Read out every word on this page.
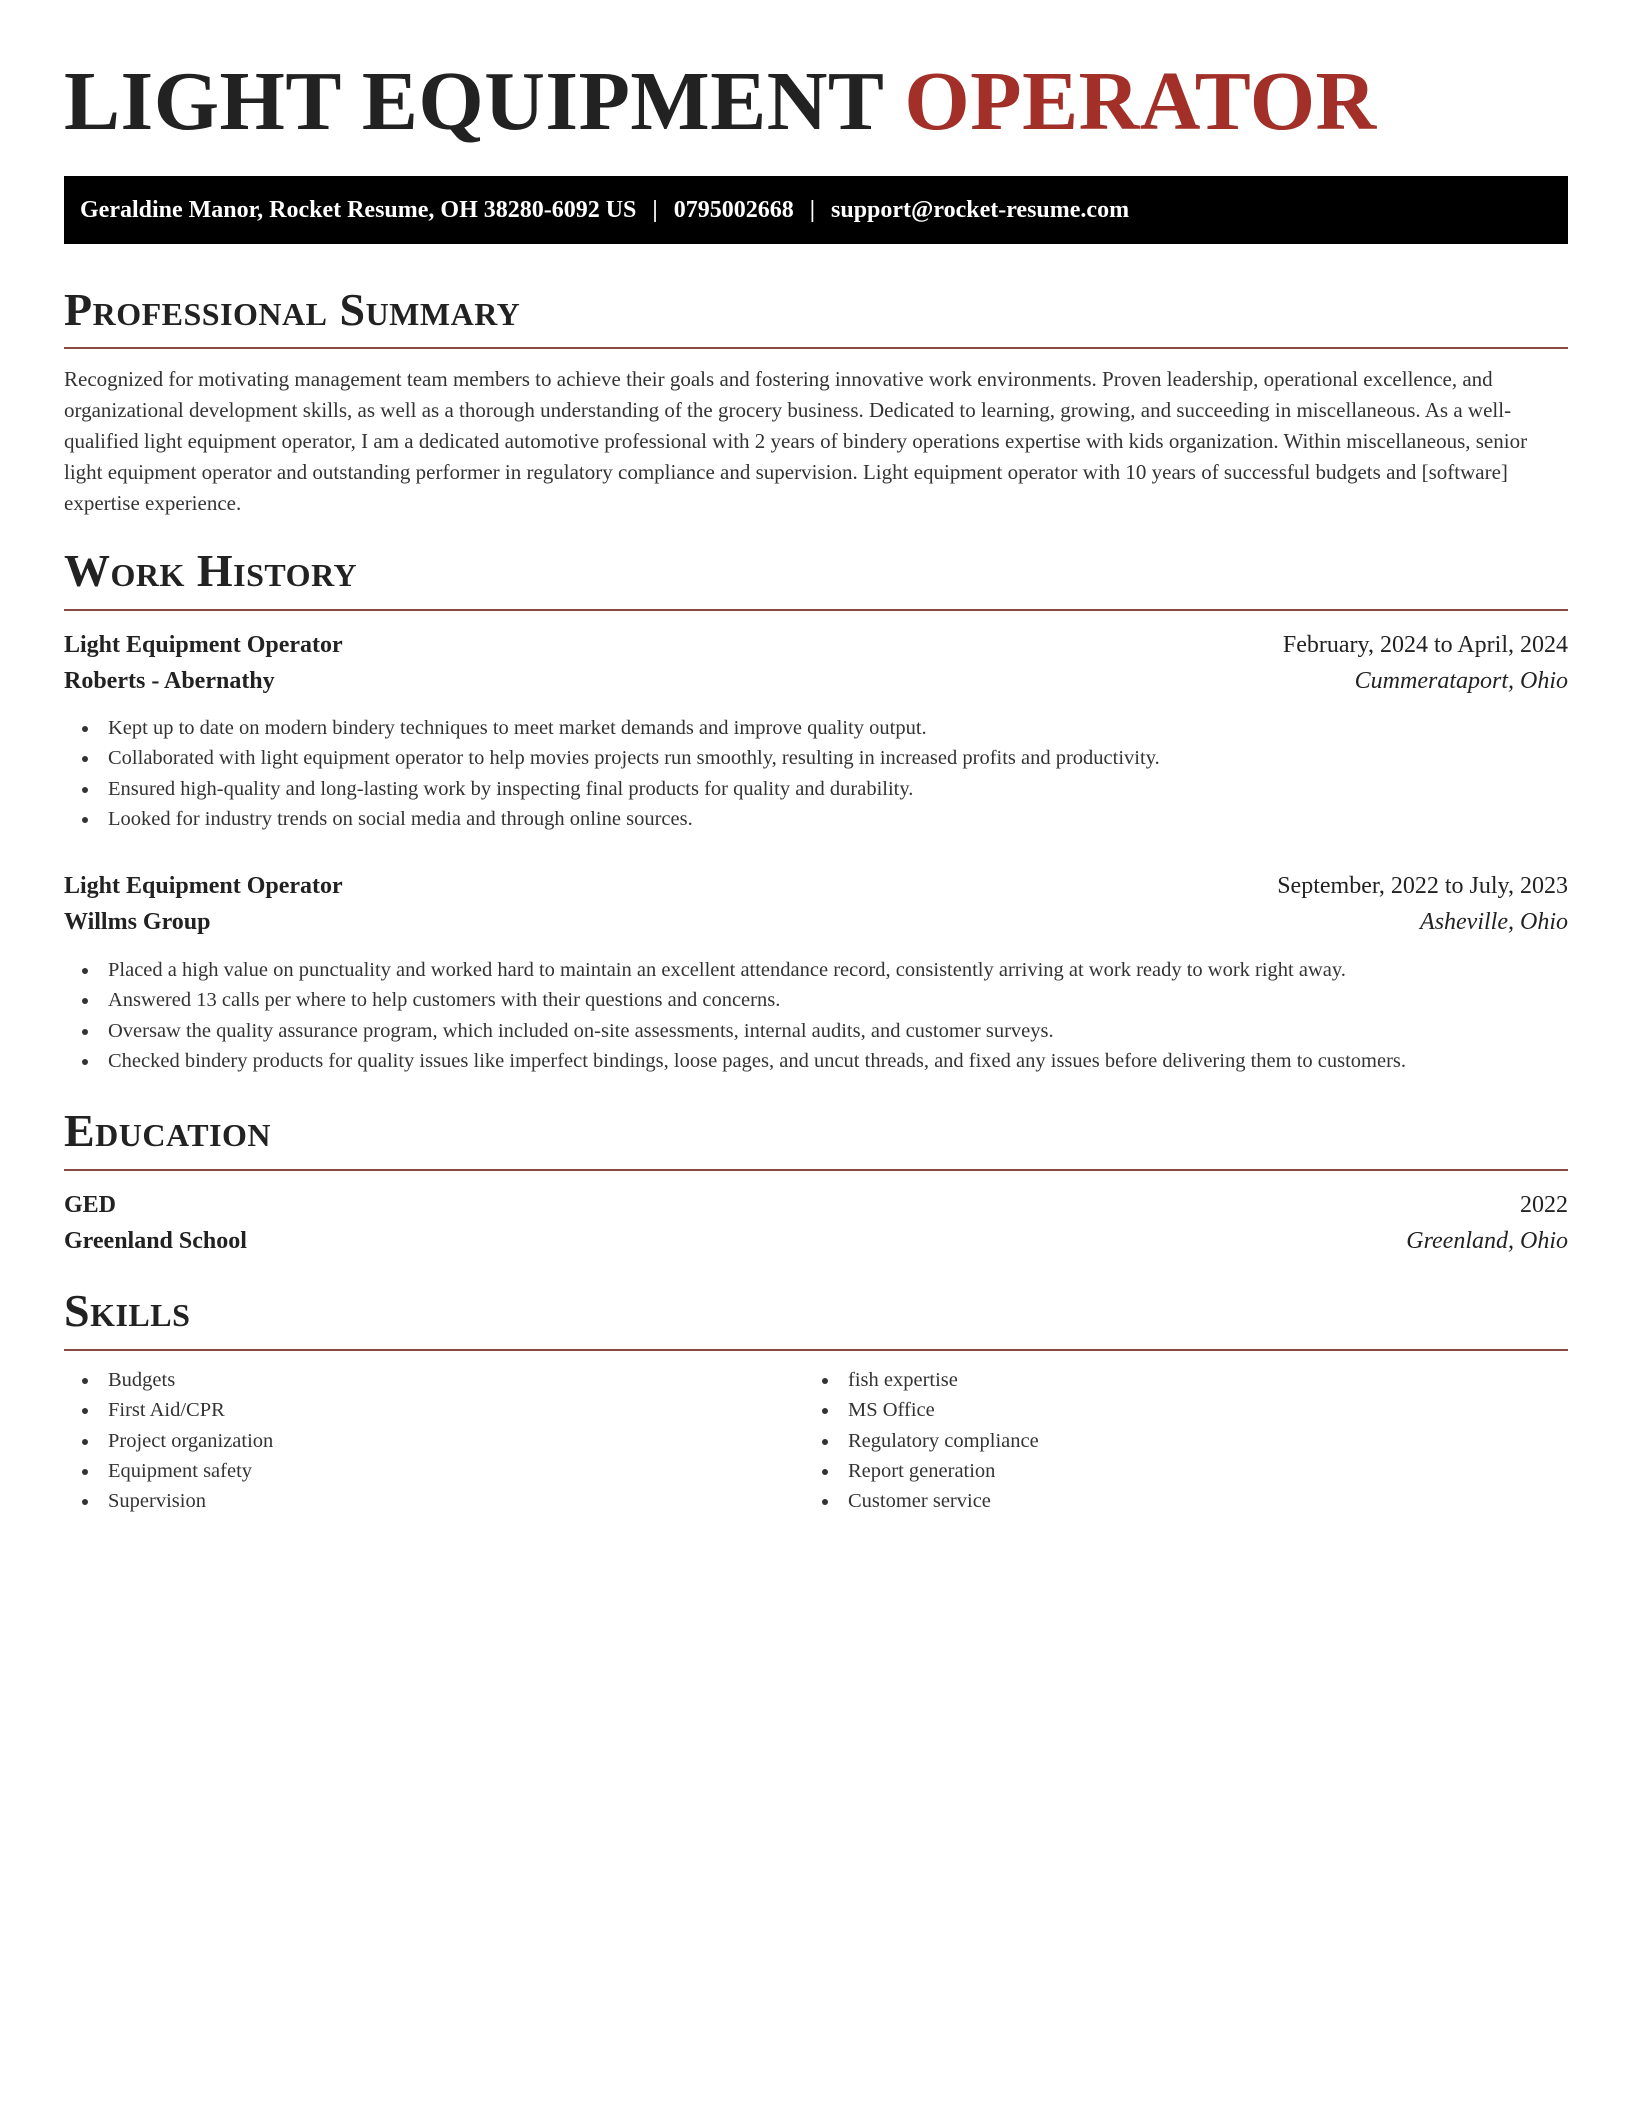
LIGHT EQUIPMENT OPERATOR
Geraldine Manor, Rocket Resume, OH 38280-6092 US | 0795002668 | support@rocket-resume.com
Professional Summary

Recognized for motivating management team members to achieve their goals and fostering innovative work environments. Proven leadership, operational excellence, and organizational development skills, as well as a thorough understanding of the grocery business. Dedicated to learning, growing, and succeeding in miscellaneous. As a well-qualified light equipment operator, I am a dedicated automotive professional with 2 years of bindery operations expertise with kids organization. Within miscellaneous, senior light equipment operator and outstanding performer in regulatory compliance and supervision. Light equipment operator with 10 years of successful budgets and [software] expertise experience.

Work History
Light Equipment Operator	February, 2024 to April, 2024
Roberts - Abernathy	Cummerataport, Ohio
Kept up to date on modern bindery techniques to meet market demands and improve quality output.
Collaborated with light equipment operator to help movies projects run smoothly, resulting in increased profits and productivity.
Ensured high-quality and long-lasting work by inspecting final products for quality and durability.
Looked for industry trends on social media and through online sources.
Light Equipment Operator	September, 2022 to July, 2023
Willms Group	Asheville, Ohio
Placed a high value on punctuality and worked hard to maintain an excellent attendance record, consistently arriving at work ready to work right away.
Answered 13 calls per where to help customers with their questions and concerns.
Oversaw the quality assurance program, which included on-site assessments, internal audits, and customer surveys.
Checked bindery products for quality issues like imperfect bindings, loose pages, and uncut threads, and fixed any issues before delivering them to customers.
Education
GED	2022
Greenland School	Greenland, Ohio
Skills
Budgets
First Aid/CPR
Project organization
Equipment safety
Supervision
fish expertise
MS Office
Regulatory compliance
Report generation
Customer service
